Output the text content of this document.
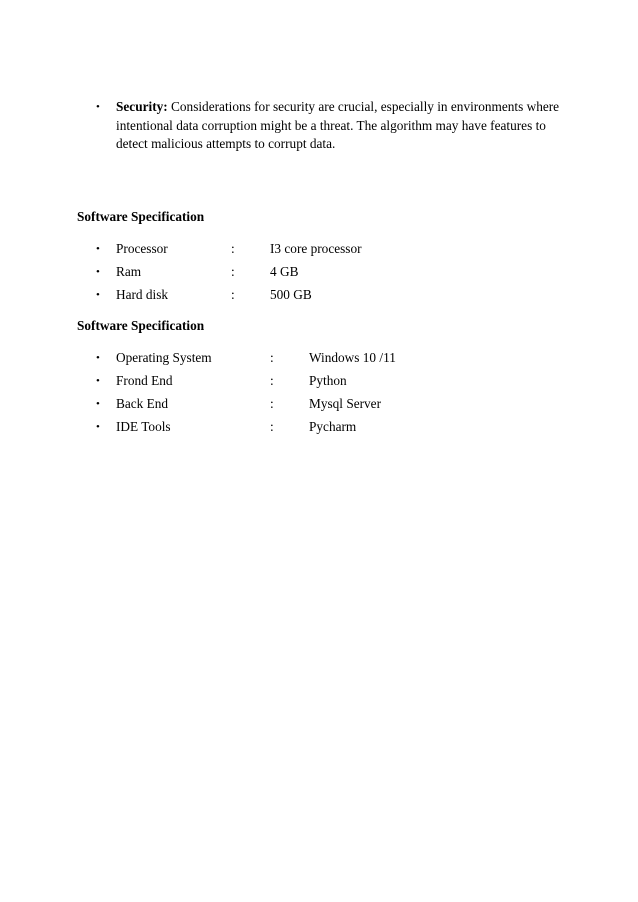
• Security: Considerations for security are crucial, especially in environments where intentional data corruption might be a threat. The algorithm may have features to detect malicious attempts to corrupt data.
Software Specification
• Processor	:	I3 core processor
• Ram	:	4 GB
• Hard disk	:	500 GB
Software Specification
• Operating System	:	Windows 10 /11
• Frond End	:	Python
• Back End	:	Mysql Server
• IDE Tools	:	Pycharm
